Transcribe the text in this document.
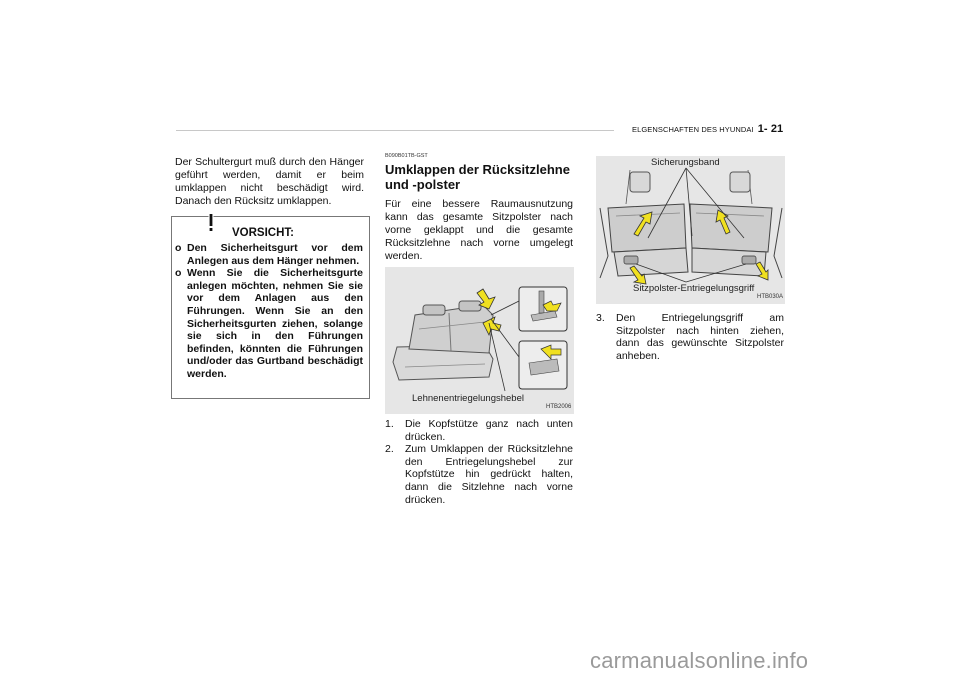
ELGENSCHAFTEN DES HYUNDAI 1- 21
Der Schultergurt muß durch den Hänger geführt werden, damit er beim umklappen nicht beschädigt wird. Danach den Rücksitz umklappen.
VORSICHT:
o Den Sicherheitsgurt vor dem Anlegen aus dem Hänger nehmen.
o Wenn Sie die Sicherheitsgurte anlegen möchten, nehmen Sie sie vor dem Anlagen aus den Führungen. Wenn Sie an den Sicherheitsgurten ziehen, solange sie sich in den Führungen befinden, könnten die Führungen und/oder das Gurtband beschädigt werden.
B090B01TB-GST
Umklappen der Rücksitzlehne und -polster
Für eine bessere Raumausnutzung kann das gesamte Sitzpolster nach vorne geklappt und die gesamte Rücksitzlehne nach vorne umgelegt werden.
Lehnenentriegelungshebel
HTB2006
1. Die Kopfstütze ganz nach unten drücken.
2. Zum Umklappen der Rücksitzlehne den Entriegelungshebel zur Kopfstütze hin gedrückt halten, dann die Sitzlehne nach vorne drücken.
Sicherungsband
Sitzpolster-Entriegelungsgriff
HTB030A
3. Den Entriegelungsgriff am Sitzpolster nach hinten ziehen, dann das gewünschte Sitzpolster anheben.
carmanualsonline.info
